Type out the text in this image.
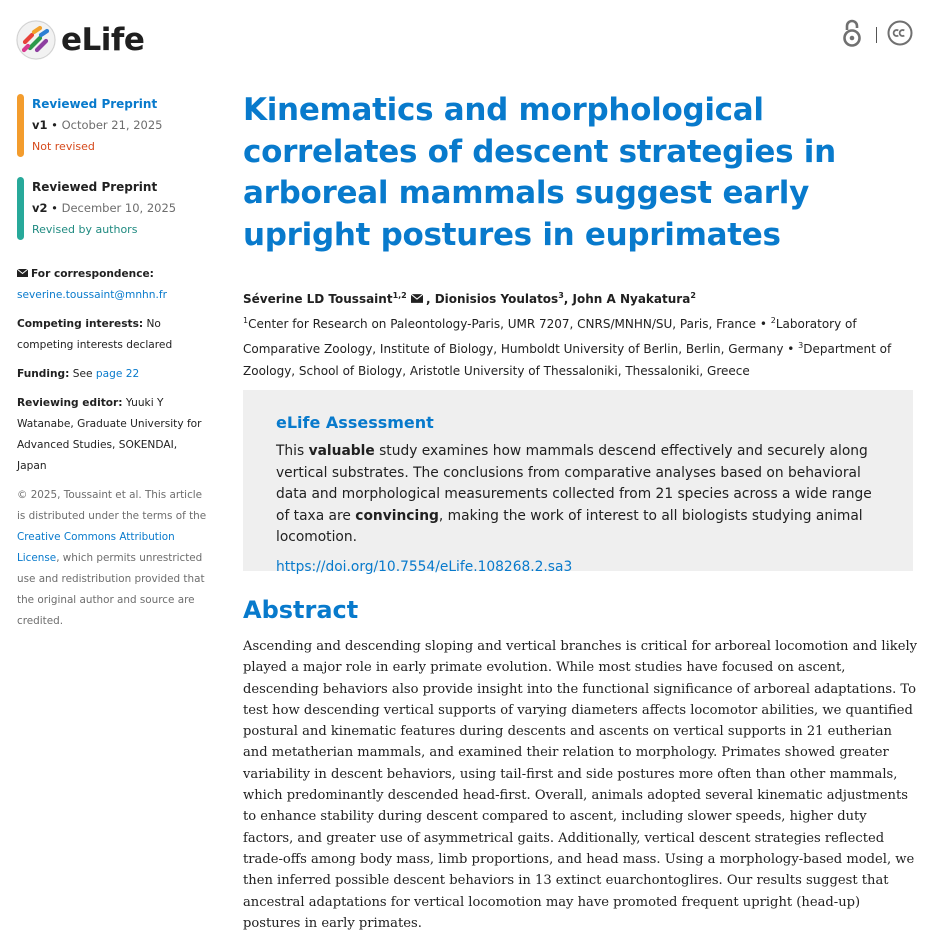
eLife
Reviewed Preprint
v1 • October 21, 2025
Not revised
Reviewed Preprint
v2 • December 10, 2025
Revised by authors
For correspondence:
severine.toussaint@mnhn.fr
Competing interests: No competing interests declared
Funding: See page 22
Reviewing editor: Yuuki Y Watanabe, Graduate University for Advanced Studies, SOKENDAI, Japan
© 2025, Toussaint et al. This article is distributed under the terms of the Creative Commons Attribution License, which permits unrestricted use and redistribution provided that the original author and source are credited.
Kinematics and morphological correlates of descent strategies in arboreal mammals suggest early upright postures in euprimates
Séverine LD Toussaint$^{1,2}$ , Dionisios Youlatos$^3$, John A Nyakatura$^2$
$^1$Center for Research on Paleontology-Paris, UMR 7207, CNRS/MNHN/SU, Paris, France • $^2$Laboratory of Comparative Zoology, Institute of Biology, Humboldt University of Berlin, Berlin, Germany • $^3$Department of Zoology, School of Biology, Aristotle University of Thessaloniki, Thessaloniki, Greece
eLife Assessment
This valuable study examines how mammals descend effectively and securely along vertical substrates. The conclusions from comparative analyses based on behavioral data and morphological measurements collected from 21 species across a wide range of taxa are convincing, making the work of interest to all biologists studying animal locomotion.
https://doi.org/10.7554/eLife.108268.2.sa3
Abstract
Ascending and descending sloping and vertical branches is critical for arboreal locomotion and likely played a major role in early primate evolution. While most studies have focused on ascent, descending behaviors also provide insight into the functional significance of arboreal adaptations. To test how descending vertical supports of varying diameters affects locomotor abilities, we quantified postural and kinematic features during descents and ascents on vertical supports in 21 eutherian and metatherian mammals, and examined their relation to morphology. Primates showed greater variability in descent behaviors, using tail-first and side postures more often than other mammals, which predominantly descended head-first. Overall, animals adopted several kinematic adjustments to enhance stability during descent compared to ascent, including slower speeds, higher duty factors, and greater use of asymmetrical gaits. Additionally, vertical descent strategies reflected trade-offs among body mass, limb proportions, and head mass. Using a morphology-based model, we then inferred possible descent behaviors in 13 extinct euarchontoglires. Our results suggest that ancestral adaptations for vertical locomotion may have promoted frequent upright (head-up) postures in early primates.
